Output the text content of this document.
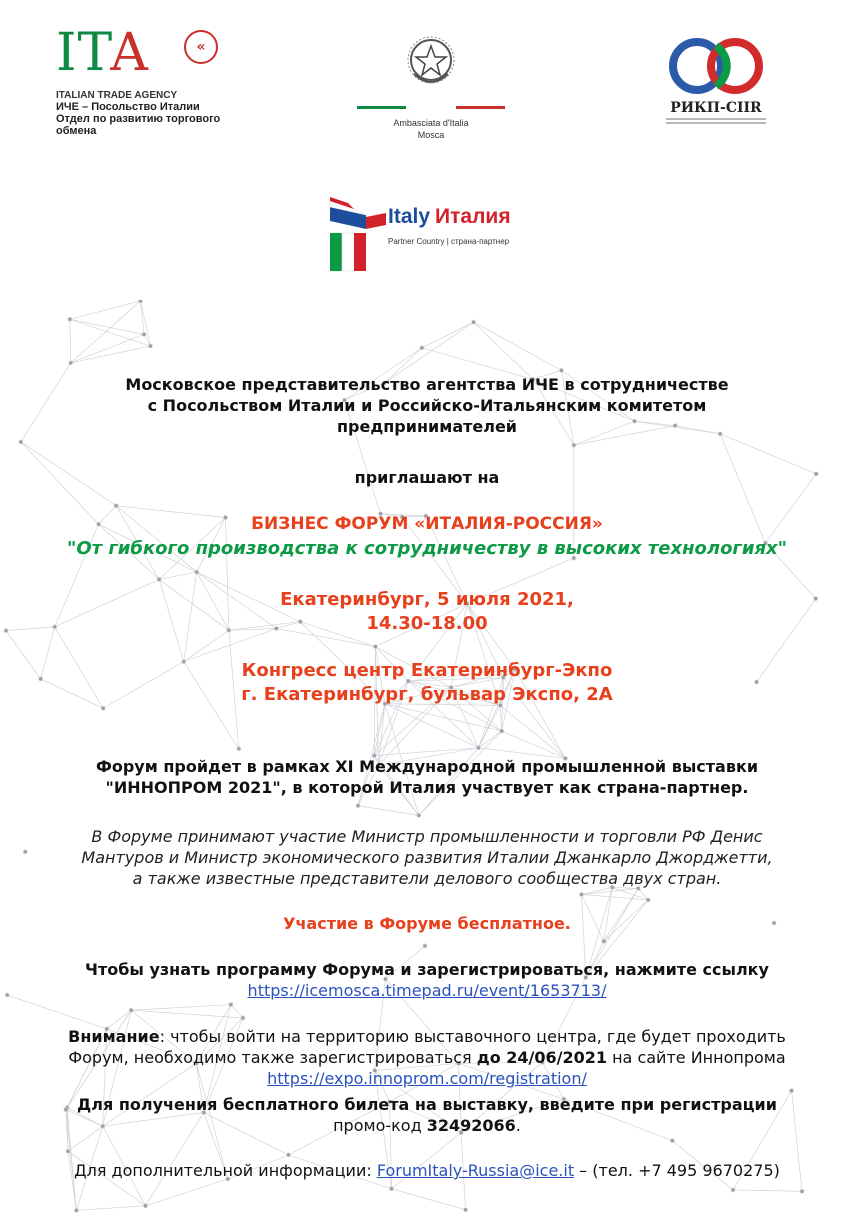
ITA	«
ITALIAN TRADE AGENCY
ИЧЕ – Посольство Италии
Отдел по развитию торгового обмена
Ambasciata d'Italia
Mosca
РИКП-CIIR
Italy Италия
Partner Country | страна-партнер
Московское представительство агентства ИЧЕ в сотрудничестве
с Посольством Италии и Российско-Итальянским комитетом
предпринимателей
приглашают на
БИЗНЕС ФОРУМ «ИТАЛИЯ-РОССИЯ»
"От гибкого производства к сотрудничеству в высоких технологиях"
Екатеринбург, 5 июля 2021,
14.30-18.00
Конгресс центр Екатеринбург-Экпо
г. Екатеринбург, бульвар Экспо, 2А
Форум пройдет в рамках XI Международной промышленной выставки
"ИННОПРОМ 2021", в которой Италия участвует как страна-партнер.
В Форуме принимают участие Министр промышленности и торговли РФ Денис
Мантуров и Министр экономического развития Италии Джанкарло Джорджетти,
а также известные представители делового сообщества двух стран.
Участие в Форуме бесплатное.
Чтобы узнать программу Форума и зарегистрироваться, нажмите ссылку
https://icemosca.timepad.ru/event/1653713/
Внимание: чтобы войти на территорию выставочного центра, где будет проходить
Форум, необходимо также зарегистрироваться до 24/06/2021 на сайте Иннопрома
https://expo.innoprom.com/registration/
Для получения бесплатного билета на выставку, введите при регистрации
промо-код 32492066.
Для дополнительной информации: ForumItaly-Russia@ice.it – (тел. +7 495 9670275)
